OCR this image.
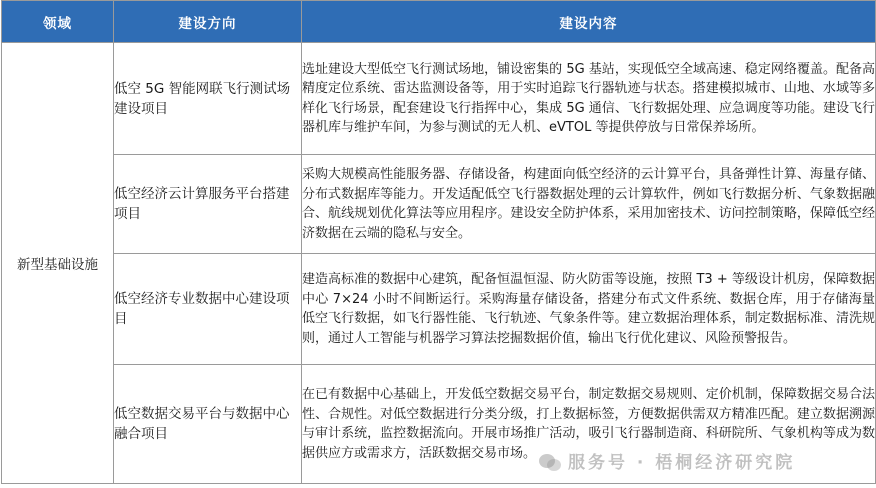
领域	建设方向	建设内容
新型基础设施	低空 5G 智能网联飞行测试场建设项目	选址建设大型低空飞行测试场地，铺设密集的 5G 基站，实现低空全域高速、稳定网络覆盖。配备高精度定位系统、雷达监测设备等，用于实时追踪飞行器轨迹与状态。搭建模拟城市、山地、水域等多样化飞行场景，配套建设飞行指挥中心，集成 5G 通信、飞行数据处理、应急调度等功能。建设飞行器机库与维护车间，为参与测试的无人机、eVTOL 等提供停放与日常保养场所。
	低空经济云计算服务平台搭建项目	采购大规模高性能服务器、存储设备，构建面向低空经济的云计算平台，具备弹性计算、海量存储、分布式数据库等能力。开发适配低空飞行器数据处理的云计算软件，例如飞行数据分析、气象数据融合、航线规划优化算法等应用程序。建设安全防护体系，采用加密技术、访问控制策略，保障低空经济数据在云端的隐私与安全。
	低空经济专业数据中心建设项目	建造高标准的数据中心建筑，配备恒温恒湿、防火防雷等设施，按照 T3 + 等级设计机房，保障数据中心 7×24 小时不间断运行。采购海量存储设备，搭建分布式文件系统、数据仓库，用于存储海量低空飞行数据，如飞行器性能、飞行轨迹、气象条件等。建立数据治理体系，制定数据标准、清洗规则，通过人工智能与机器学习算法挖掘数据价值，输出飞行优化建议、风险预警报告。
	低空数据交易平台与数据中心融合项目	在已有数据中心基础上，开发低空数据交易平台，制定数据交易规则、定价机制，保障数据交易合法性、合规性。对低空数据进行分类分级，打上数据标签，方便数据供需双方精准匹配。建立数据溯源与审计系统，监控数据流向。开展市场推广活动，吸引飞行器制造商、科研院所、气象机构等成为数据供应方或需求方，活跃数据交易市场。	服务号 · 梧桐经济研究院
